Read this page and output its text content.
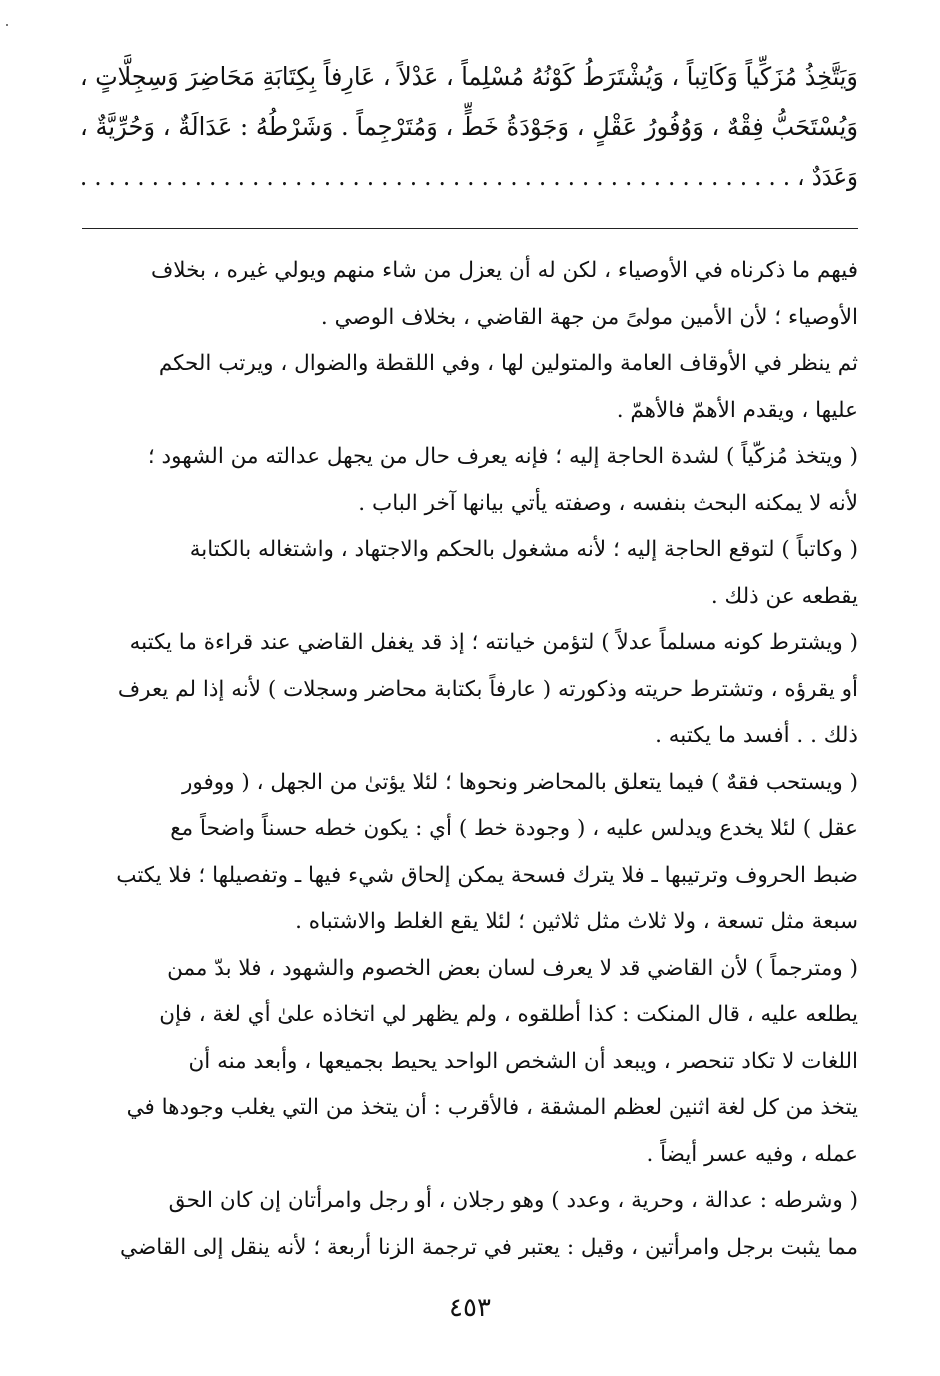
وَيَتَّخِذُ مُزَكِّياً وَكَاتِباً ، وَيُشْتَرَطُ كَوْنُهُ مُسْلِماً ، عَدْلاً ، عَارِفاً بِكِتَابَةِ مَحَاضِرَ وَسِجِلَّاتٍ ،
وَيُسْتَحَبُّ فِقْهٌ ، وَوُفُورُ عَقْلٍ ، وَجَوْدَةُ خَطٍّ ، وَمُتَرْجِماً . وَشَرْطُهُ : عَدَالَةٌ ، وَحُرِّيَّةٌ ،
وَعَدَدٌ ، . . . . . . . . . . . . . . . . . . . . . . . . . . . . . . . . . . . . . . . . . . . . . . . . . .
فيهم ما ذكرناه في الأوصياء ، لكن له أن يعزل من شاء منهم ويولي غيره ، بخلاف
الأوصياء ؛ لأن الأمين مولىً من جهة القاضي ، بخلاف الوصي .
ثم ينظر في الأوقاف العامة والمتولين لها ، وفي اللقطة والضوال ، ويرتب الحكم
عليها ، ويقدم الأهمّ فالأهمّ .
( ويتخذ مُزكّياً ) لشدة الحاجة إليه ؛ فإنه يعرف حال من يجهل عدالته من الشهود ؛
لأنه لا يمكنه البحث بنفسه ، وصفته يأتي بيانها آخر الباب .
( وكاتباً ) لتوقع الحاجة إليه ؛ لأنه مشغول بالحكم والاجتهاد ، واشتغاله بالكتابة
يقطعه عن ذلك .
( ويشترط كونه مسلماً عدلاً ) لتؤمن خيانته ؛ إذ قد يغفل القاضي عند قراءة ما يكتبه
أو يقرؤه ، وتشترط حريته وذكورته ( عارفاً بكتابة محاضر وسجلات ) لأنه إذا لم يعرف
ذلك . . أفسد ما يكتبه .
( ويستحب فقهٌ ) فيما يتعلق بالمحاضر ونحوها ؛ لئلا يؤتىٰ من الجهل ، ( ووفور
عقل ) لئلا يخدع ويدلس عليه ، ( وجودة خط ) أي : يكون خطه حسناً واضحاً مع
ضبط الحروف وترتيبها ـ فلا يترك فسحة يمكن إلحاق شيء فيها ـ وتفصيلها ؛ فلا يكتب
سبعة مثل تسعة ، ولا ثلاث مثل ثلاثين ؛ لئلا يقع الغلط والاشتباه .
( ومترجماً ) لأن القاضي قد لا يعرف لسان بعض الخصوم والشهود ، فلا بدّ ممن
يطلعه عليه ، قال المنكت : كذا أطلقوه ، ولم يظهر لي اتخاذه علىٰ أي لغة ، فإن
اللغات لا تكاد تنحصر ، ويبعد أن الشخص الواحد يحيط بجميعها ، وأبعد منه أن
يتخذ من كل لغة اثنين لعظم المشقة ، فالأقرب : أن يتخذ من التي يغلب وجودها في
عمله ، وفيه عسر أيضاً .
( وشرطه : عدالة ، وحرية ، وعدد ) وهو رجلان ، أو رجل وامرأتان إن كان الحق
مما يثبت برجل وامرأتين ، وقيل : يعتبر في ترجمة الزنا أربعة ؛ لأنه ينقل إلى القاضي
٤٥٣
